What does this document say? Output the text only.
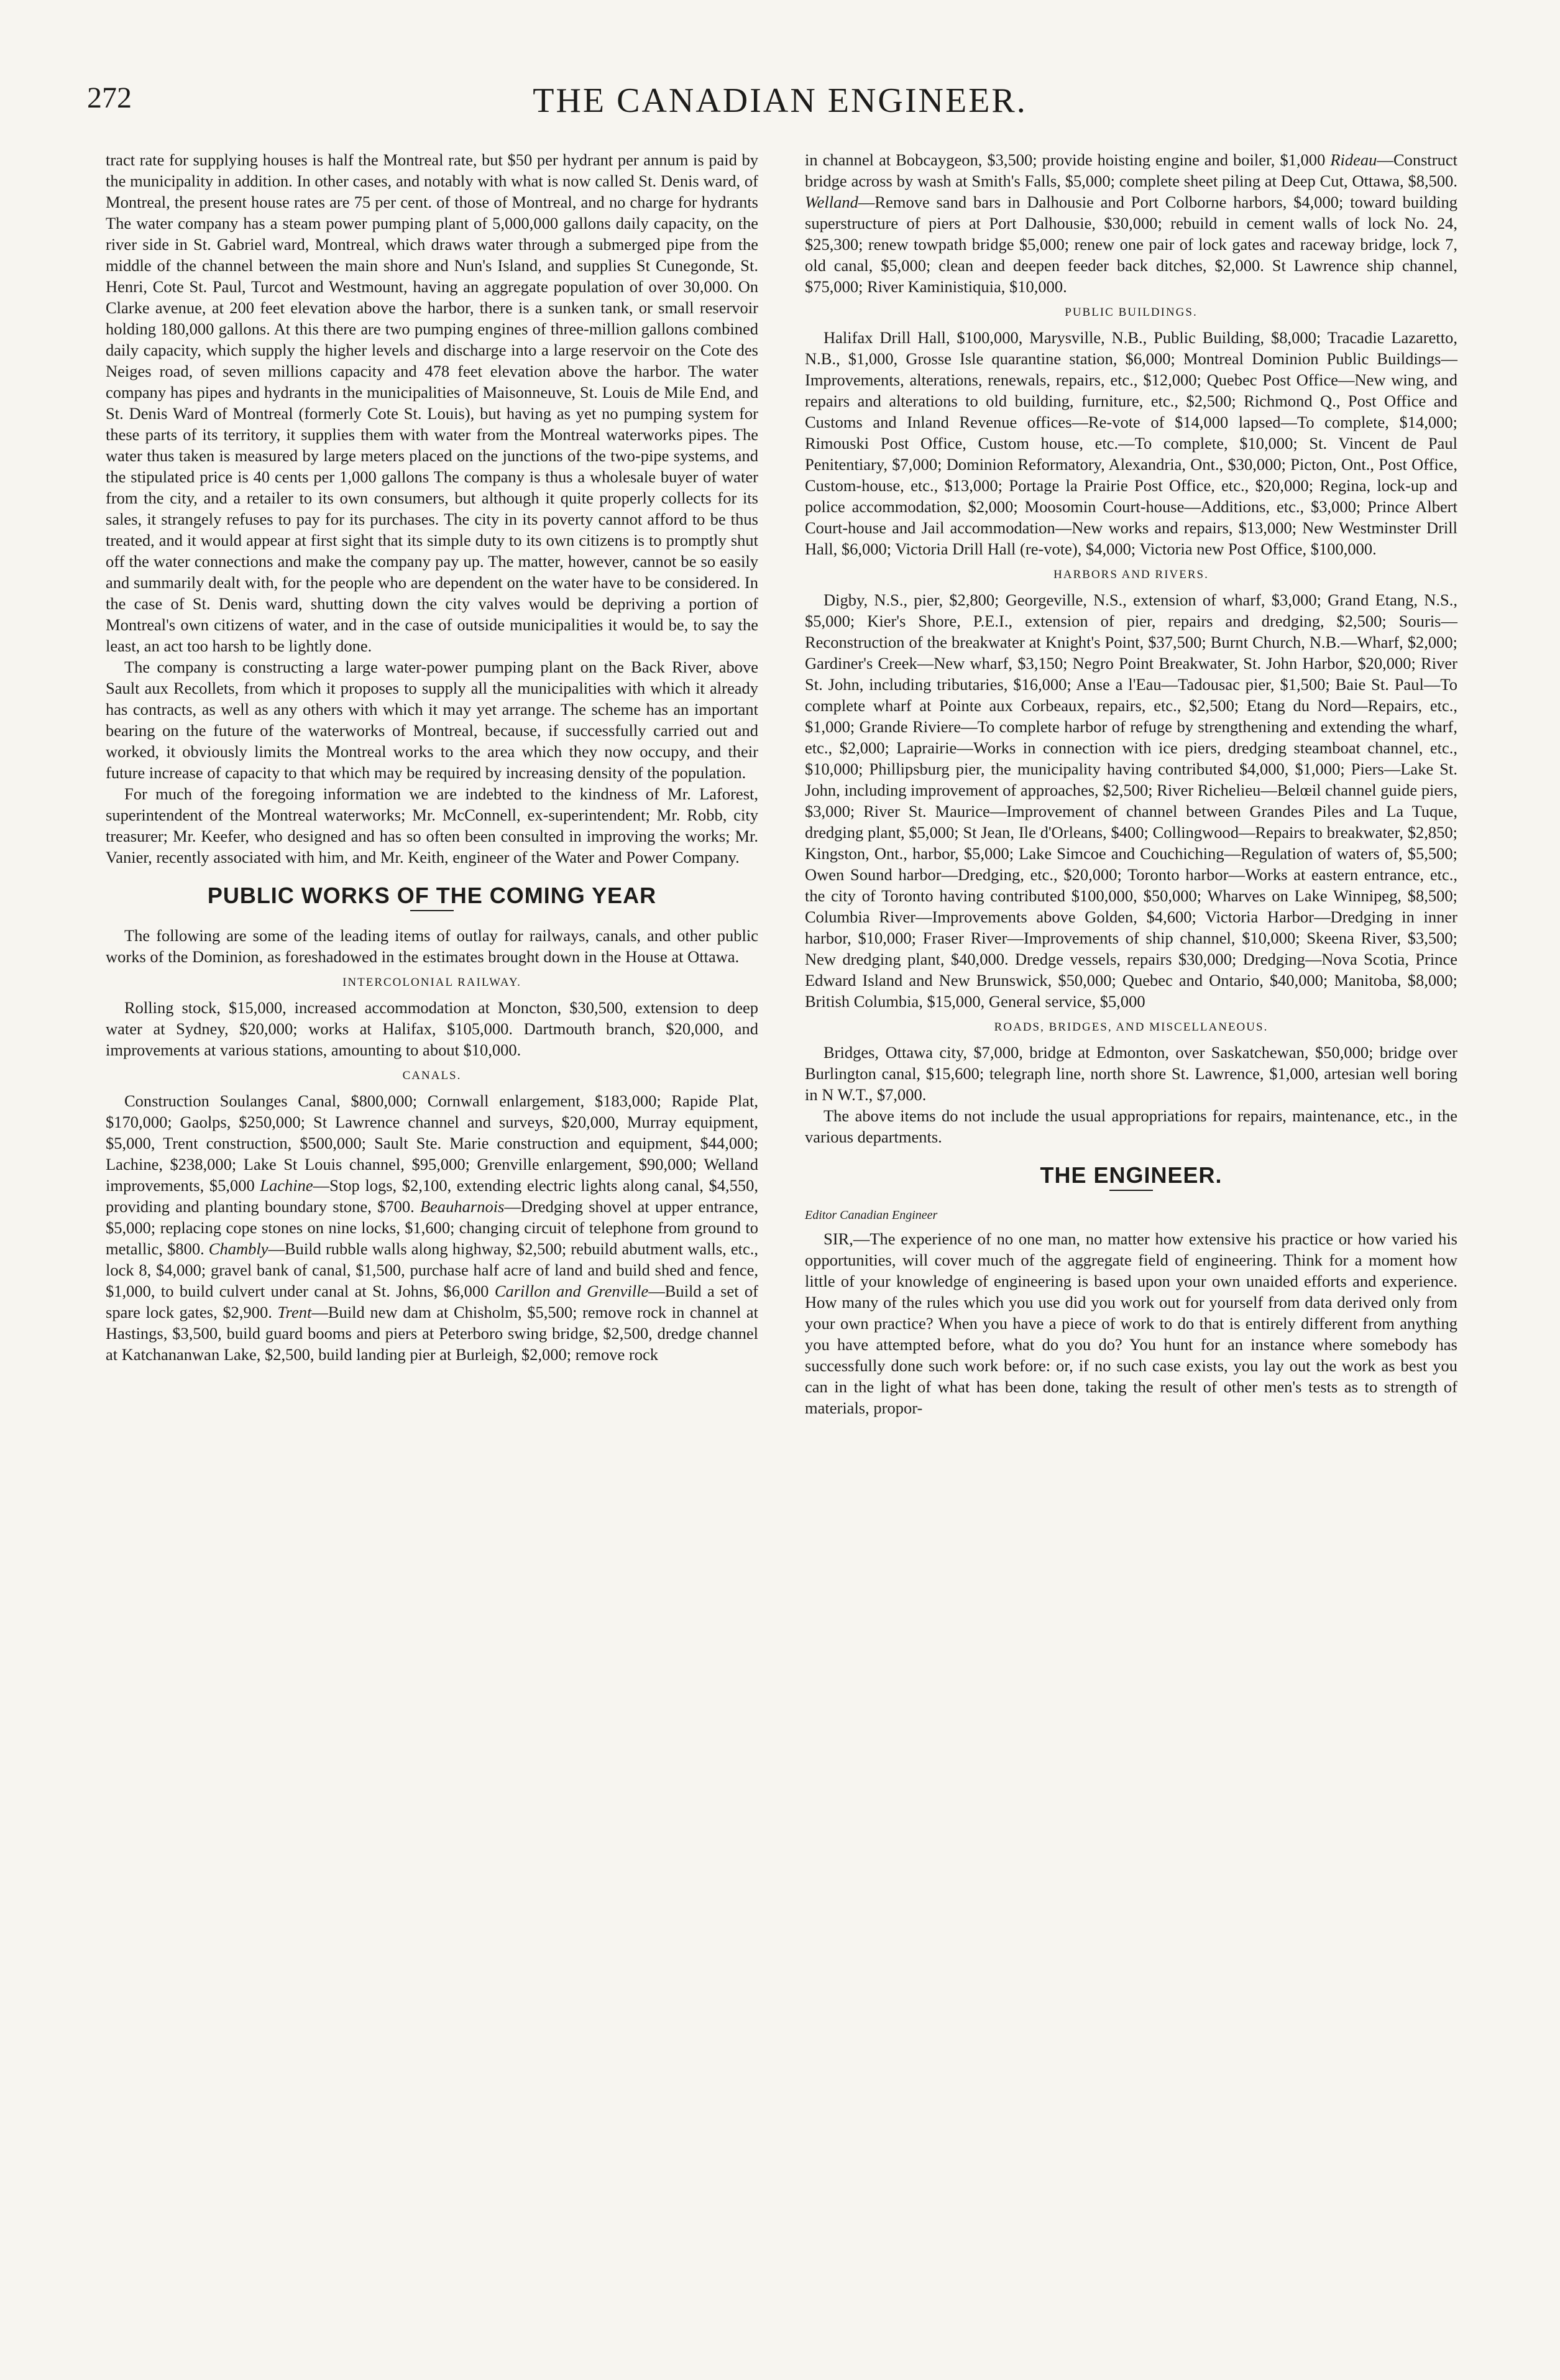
272	THE CANADIAN ENGINEER.

tract rate for supplying houses is half the Montreal rate, but $50 per hydrant per annum is paid by the municipality in addition. In other cases, and notably with what is now called St. Denis ward, of Montreal, the present house rates are 75 per cent. of those of Montreal, and no charge for hydrants The water company has a steam power pumping plant of 5,000,000 gallons daily capacity, on the river side in St. Gabriel ward, Montreal, which draws water through a submerged pipe from the middle of the channel between the main shore and Nun's Island, and supplies St Cunegonde, St. Henri, Cote St. Paul, Turcot and Westmount, having an aggregate population of over 30,000. On Clarke avenue, at 200 feet elevation above the harbor, there is a sunken tank, or small reservoir holding 180,000 gallons. At this there are two pumping engines of three-million gallons combined daily capacity, which supply the higher levels and discharge into a large reservoir on the Cote des Neiges road, of seven millions capacity and 478 feet elevation above the harbor. The water company has pipes and hydrants in the municipalities of Maisonneuve, St. Louis de Mile End, and St. Denis Ward of Montreal (formerly Cote St. Louis), but having as yet no pumping system for these parts of its territory, it supplies them with water from the Montreal waterworks pipes. The water thus taken is measured by large meters placed on the junctions of the two-pipe systems, and the stipulated price is 40 cents per 1,000 gallons The company is thus a wholesale buyer of water from the city, and a retailer to its own consumers, but although it quite properly collects for its sales, it strangely refuses to pay for its purchases. The city in its poverty cannot afford to be thus treated, and it would appear at first sight that its simple duty to its own citizens is to promptly shut off the water connections and make the company pay up. The matter, however, cannot be so easily and summarily dealt with, for the people who are dependent on the water have to be considered. In the case of St. Denis ward, shutting down the city valves would be depriving a portion of Montreal's own citizens of water, and in the case of outside municipalities it would be, to say the least, an act too harsh to be lightly done.

The company is constructing a large water-power pumping plant on the Back River, above Sault aux Recollets, from which it proposes to supply all the municipalities with which it already has contracts, as well as any others with which it may yet arrange. The scheme has an important bearing on the future of the waterworks of Montreal, because, if successfully carried out and worked, it obviously limits the Montreal works to the area which they now occupy, and their future increase of capacity to that which may be required by increasing density of the population.

For much of the foregoing information we are indebted to the kindness of Mr. Laforest, superintendent of the Montreal waterworks; Mr. McConnell, ex-superintendent; Mr. Robb, city treasurer; Mr. Keefer, who designed and has so often been consulted in improving the works; Mr. Vanier, recently associated with him, and Mr. Keith, engineer of the Water and Power Company.

PUBLIC WORKS OF THE COMING YEAR

The following are some of the leading items of outlay for railways, canals, and other public works of the Dominion, as foreshadowed in the estimates brought down in the House at Ottawa.

INTERCOLONIAL RAILWAY.

Rolling stock, $15,000, increased accommodation at Moncton, $30,500, extension to deep water at Sydney, $20,000; works at Halifax, $105,000. Dartmouth branch, $20,000, and improvements at various stations, amounting to about $10,000.

CANALS.

Construction Soulanges Canal, $800,000; Cornwall enlargement, $183,000; Rapide Plat, $170,000; Gaolps, $250,000; St Lawrence channel and surveys, $20,000, Murray equipment, $5,000, Trent construction, $500,000; Sault Ste. Marie construction and equipment, $44,000; Lachine, $238,000; Lake St Louis channel, $95,000; Grenville enlargement, $90,000; Welland improvements, $5,000 Lachine—Stop logs, $2,100, extending electric lights along canal, $4,550, providing and planting boundary stone, $700. Beauharnois—Dredging shovel at upper entrance, $5,000; replacing cope stones on nine locks, $1,600; changing circuit of telephone from ground to metallic, $800. Chambly—Build rubble walls along highway, $2,500; rebuild abutment walls, etc., lock 8, $4,000; gravel bank of canal, $1,500, purchase half acre of land and build shed and fence, $1,000, to build culvert under canal at St. Johns, $6,000 Carillon and Grenville—Build a set of spare lock gates, $2,900. Trent—Build new dam at Chisholm, $5,500; remove rock in channel at Hastings, $3,500, build guard booms and piers at Peterboro swing bridge, $2,500, dredge channel at Katchananwan Lake, $2,500, build landing pier at Burleigh, $2,000; remove rock

in channel at Bobcaygeon, $3,500; provide hoisting engine and boiler, $1,000 Rideau—Construct bridge across by wash at Smith's Falls, $5,000; complete sheet piling at Deep Cut, Ottawa, $8,500. Welland—Remove sand bars in Dalhousie and Port Colborne harbors, $4,000; toward building superstructure of piers at Port Dalhousie, $30,000; rebuild in cement walls of lock No. 24, $25,300; renew towpath bridge $5,000; renew one pair of lock gates and raceway bridge, lock 7, old canal, $5,000; clean and deepen feeder back ditches, $2,000. St Lawrence ship channel, $75,000; River Kaministiquia, $10,000.

PUBLIC BUILDINGS.

Halifax Drill Hall, $100,000, Marysville, N.B., Public Building, $8,000; Tracadie Lazaretto, N.B., $1,000, Grosse Isle quarantine station, $6,000; Montreal Dominion Public Buildings—Improvements, alterations, renewals, repairs, etc., $12,000; Quebec Post Office—New wing, and repairs and alterations to old building, furniture, etc., $2,500; Richmond Q., Post Office and Customs and Inland Revenue offices—Re-vote of $14,000 lapsed—To complete, $14,000; Rimouski Post Office, Custom house, etc.—To complete, $10,000; St. Vincent de Paul Penitentiary, $7,000; Dominion Reformatory, Alexandria, Ont., $30,000; Picton, Ont., Post Office, Custom-house, etc., $13,000; Portage la Prairie Post Office, etc., $20,000; Regina, lock-up and police accommodation, $2,000; Moosomin Court-house—Additions, etc., $3,000; Prince Albert Court-house and Jail accommodation—New works and repairs, $13,000; New Westminster Drill Hall, $6,000; Victoria Drill Hall (re-vote), $4,000; Victoria new Post Office, $100,000.

HARBORS AND RIVERS.

Digby, N.S., pier, $2,800; Georgeville, N.S., extension of wharf, $3,000; Grand Etang, N.S., $5,000; Kier's Shore, P.E.I., extension of pier, repairs and dredging, $2,500; Souris—Reconstruction of the breakwater at Knight's Point, $37,500; Burnt Church, N.B.—Wharf, $2,000; Gardiner's Creek—New wharf, $3,150; Negro Point Breakwater, St. John Harbor, $20,000; River St. John, including tributaries, $16,000; Anse a l'Eau—Tadousac pier, $1,500; Baie St. Paul—To complete wharf at Pointe aux Corbeaux, repairs, etc., $2,500; Etang du Nord—Repairs, etc., $1,000; Grande Riviere—To complete harbor of refuge by strengthening and extending the wharf, etc., $2,000; Laprairie—Works in connection with ice piers, dredging steamboat channel, etc., $10,000; Phillipsburg pier, the municipality having contributed $4,000, $1,000; Piers—Lake St. John, including improvement of approaches, $2,500; River Richelieu—Belœil channel guide piers, $3,000; River St. Maurice—Improvement of channel between Grandes Piles and La Tuque, dredging plant, $5,000; St Jean, Ile d'Orleans, $400; Collingwood—Repairs to breakwater, $2,850; Kingston, Ont., harbor, $5,000; Lake Simcoe and Couchiching—Regulation of waters of, $5,500; Owen Sound harbor—Dredging, etc., $20,000; Toronto harbor—Works at eastern entrance, etc., the city of Toronto having contributed $100,000, $50,000; Wharves on Lake Winnipeg, $8,500; Columbia River—Improvements above Golden, $4,600; Victoria Harbor—Dredging in inner harbor, $10,000; Fraser River—Improvements of ship channel, $10,000; Skeena River, $3,500; New dredging plant, $40,000. Dredge vessels, repairs $30,000; Dredging—Nova Scotia, Prince Edward Island and New Brunswick, $50,000; Quebec and Ontario, $40,000; Manitoba, $8,000; British Columbia, $15,000, General service, $5,000

ROADS, BRIDGES, AND MISCELLANEOUS.

Bridges, Ottawa city, $7,000, bridge at Edmonton, over Saskatchewan, $50,000; bridge over Burlington canal, $15,600; telegraph line, north shore St. Lawrence, $1,000, artesian well boring in N W.T., $7,000.

The above items do not include the usual appropriations for repairs, maintenance, etc., in the various departments.

THE ENGINEER.
Editor Canadian Engineer

SIR,—The experience of no one man, no matter how extensive his practice or how varied his opportunities, will cover much of the aggregate field of engineering. Think for a moment how little of your knowledge of engineering is based upon your own unaided efforts and experience. How many of the rules which you use did you work out for yourself from data derived only from your own practice? When you have a piece of work to do that is entirely different from anything you have attempted before, what do you do? You hunt for an instance where somebody has successfully done such work before: or, if no such case exists, you lay out the work as best you can in the light of what has been done, taking the result of other men's tests as to strength of materials, propor-
